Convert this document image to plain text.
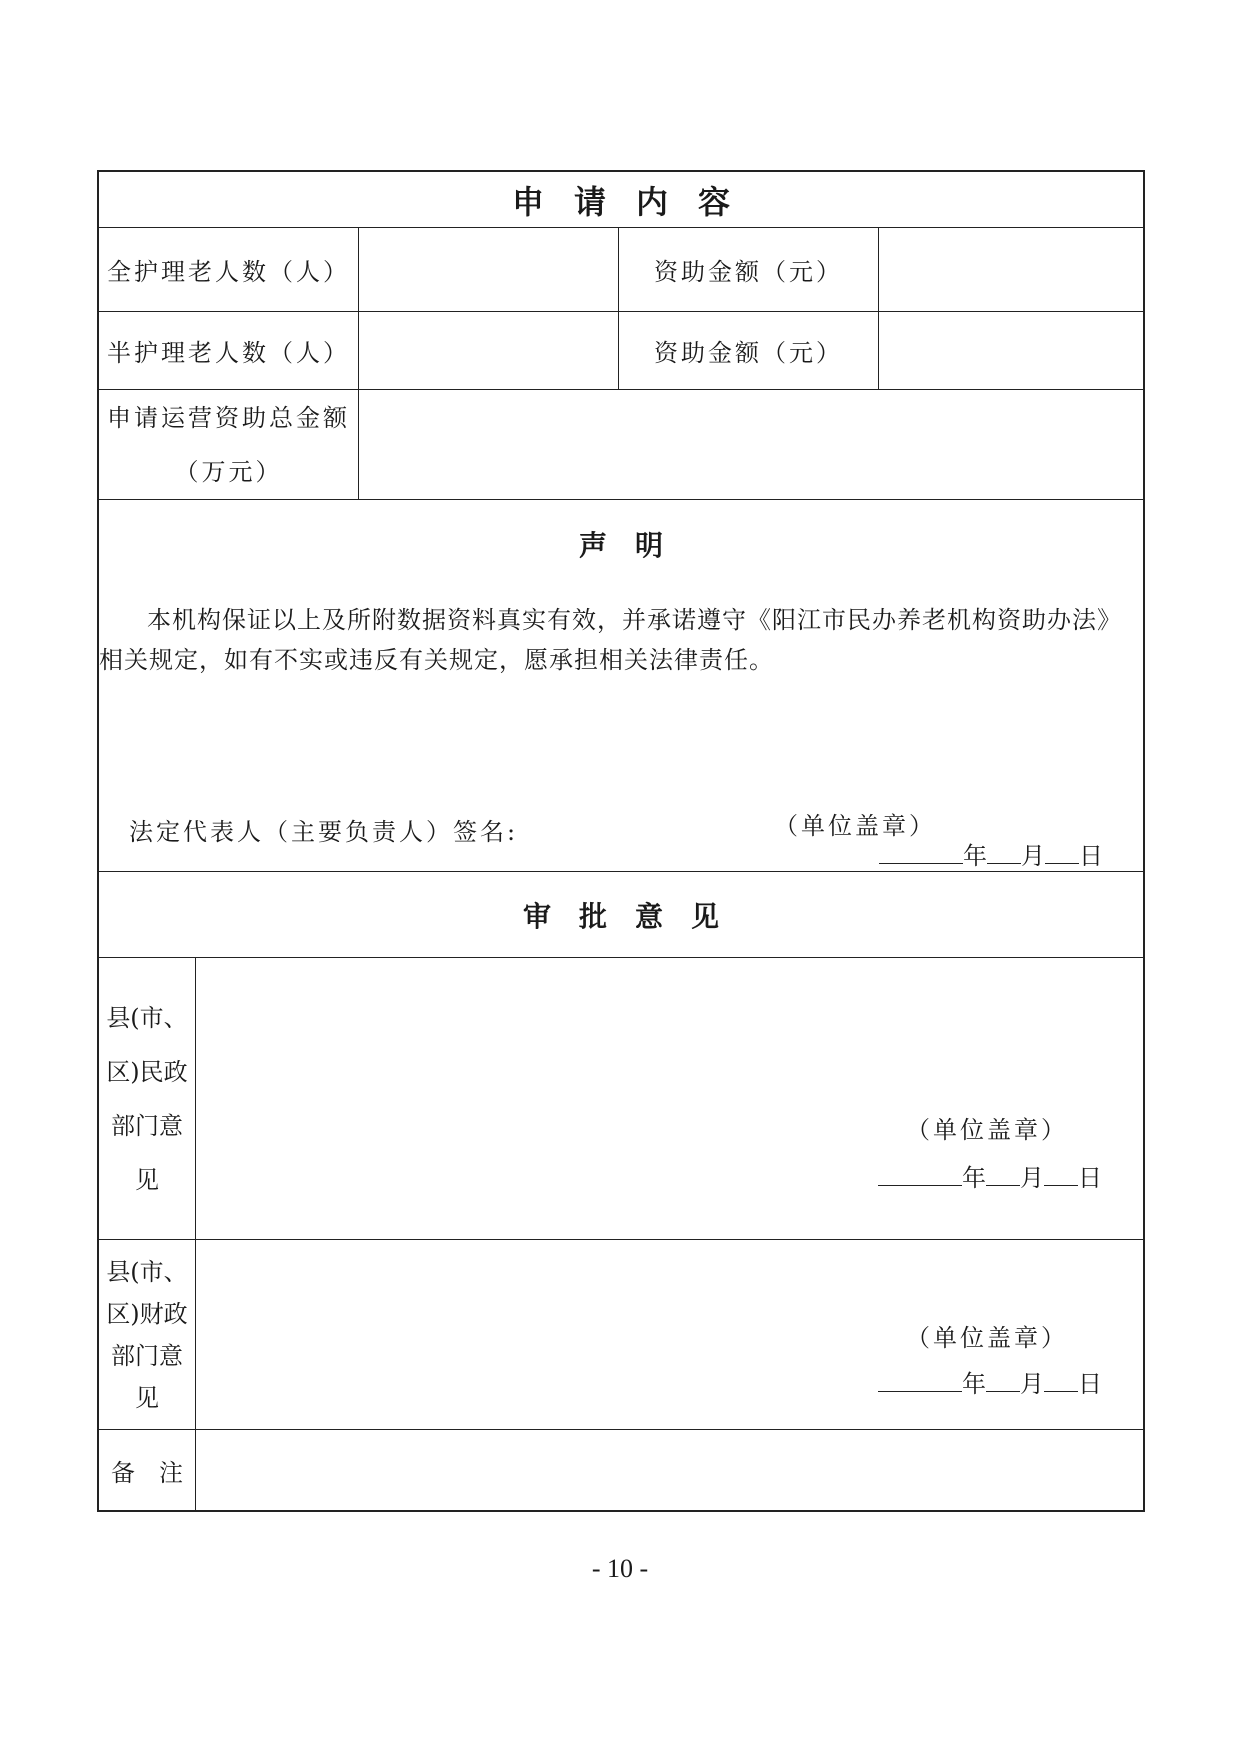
申请内容
全护理老人数（人）	资助金额（元）
半护理老人数（人）	资助金额（元）
申请运营资助总金额
（万元）
声明
本机构保证以上及所附数据资料真实有效，并承诺遵守《阳江市民办养老机构资助办法》相关规定，如有不实或违反有关规定，愿承担相关法律责任。
法定代表人（主要负责人）签名:	（单位盖章）
年 月 日
审批意见
县(市、
区)民政
部门意
见
（单位盖章）
年 月 日
县(市、
区)财政
部门意
见
（单位盖章）
年 月 日
备　注
- 10 -
